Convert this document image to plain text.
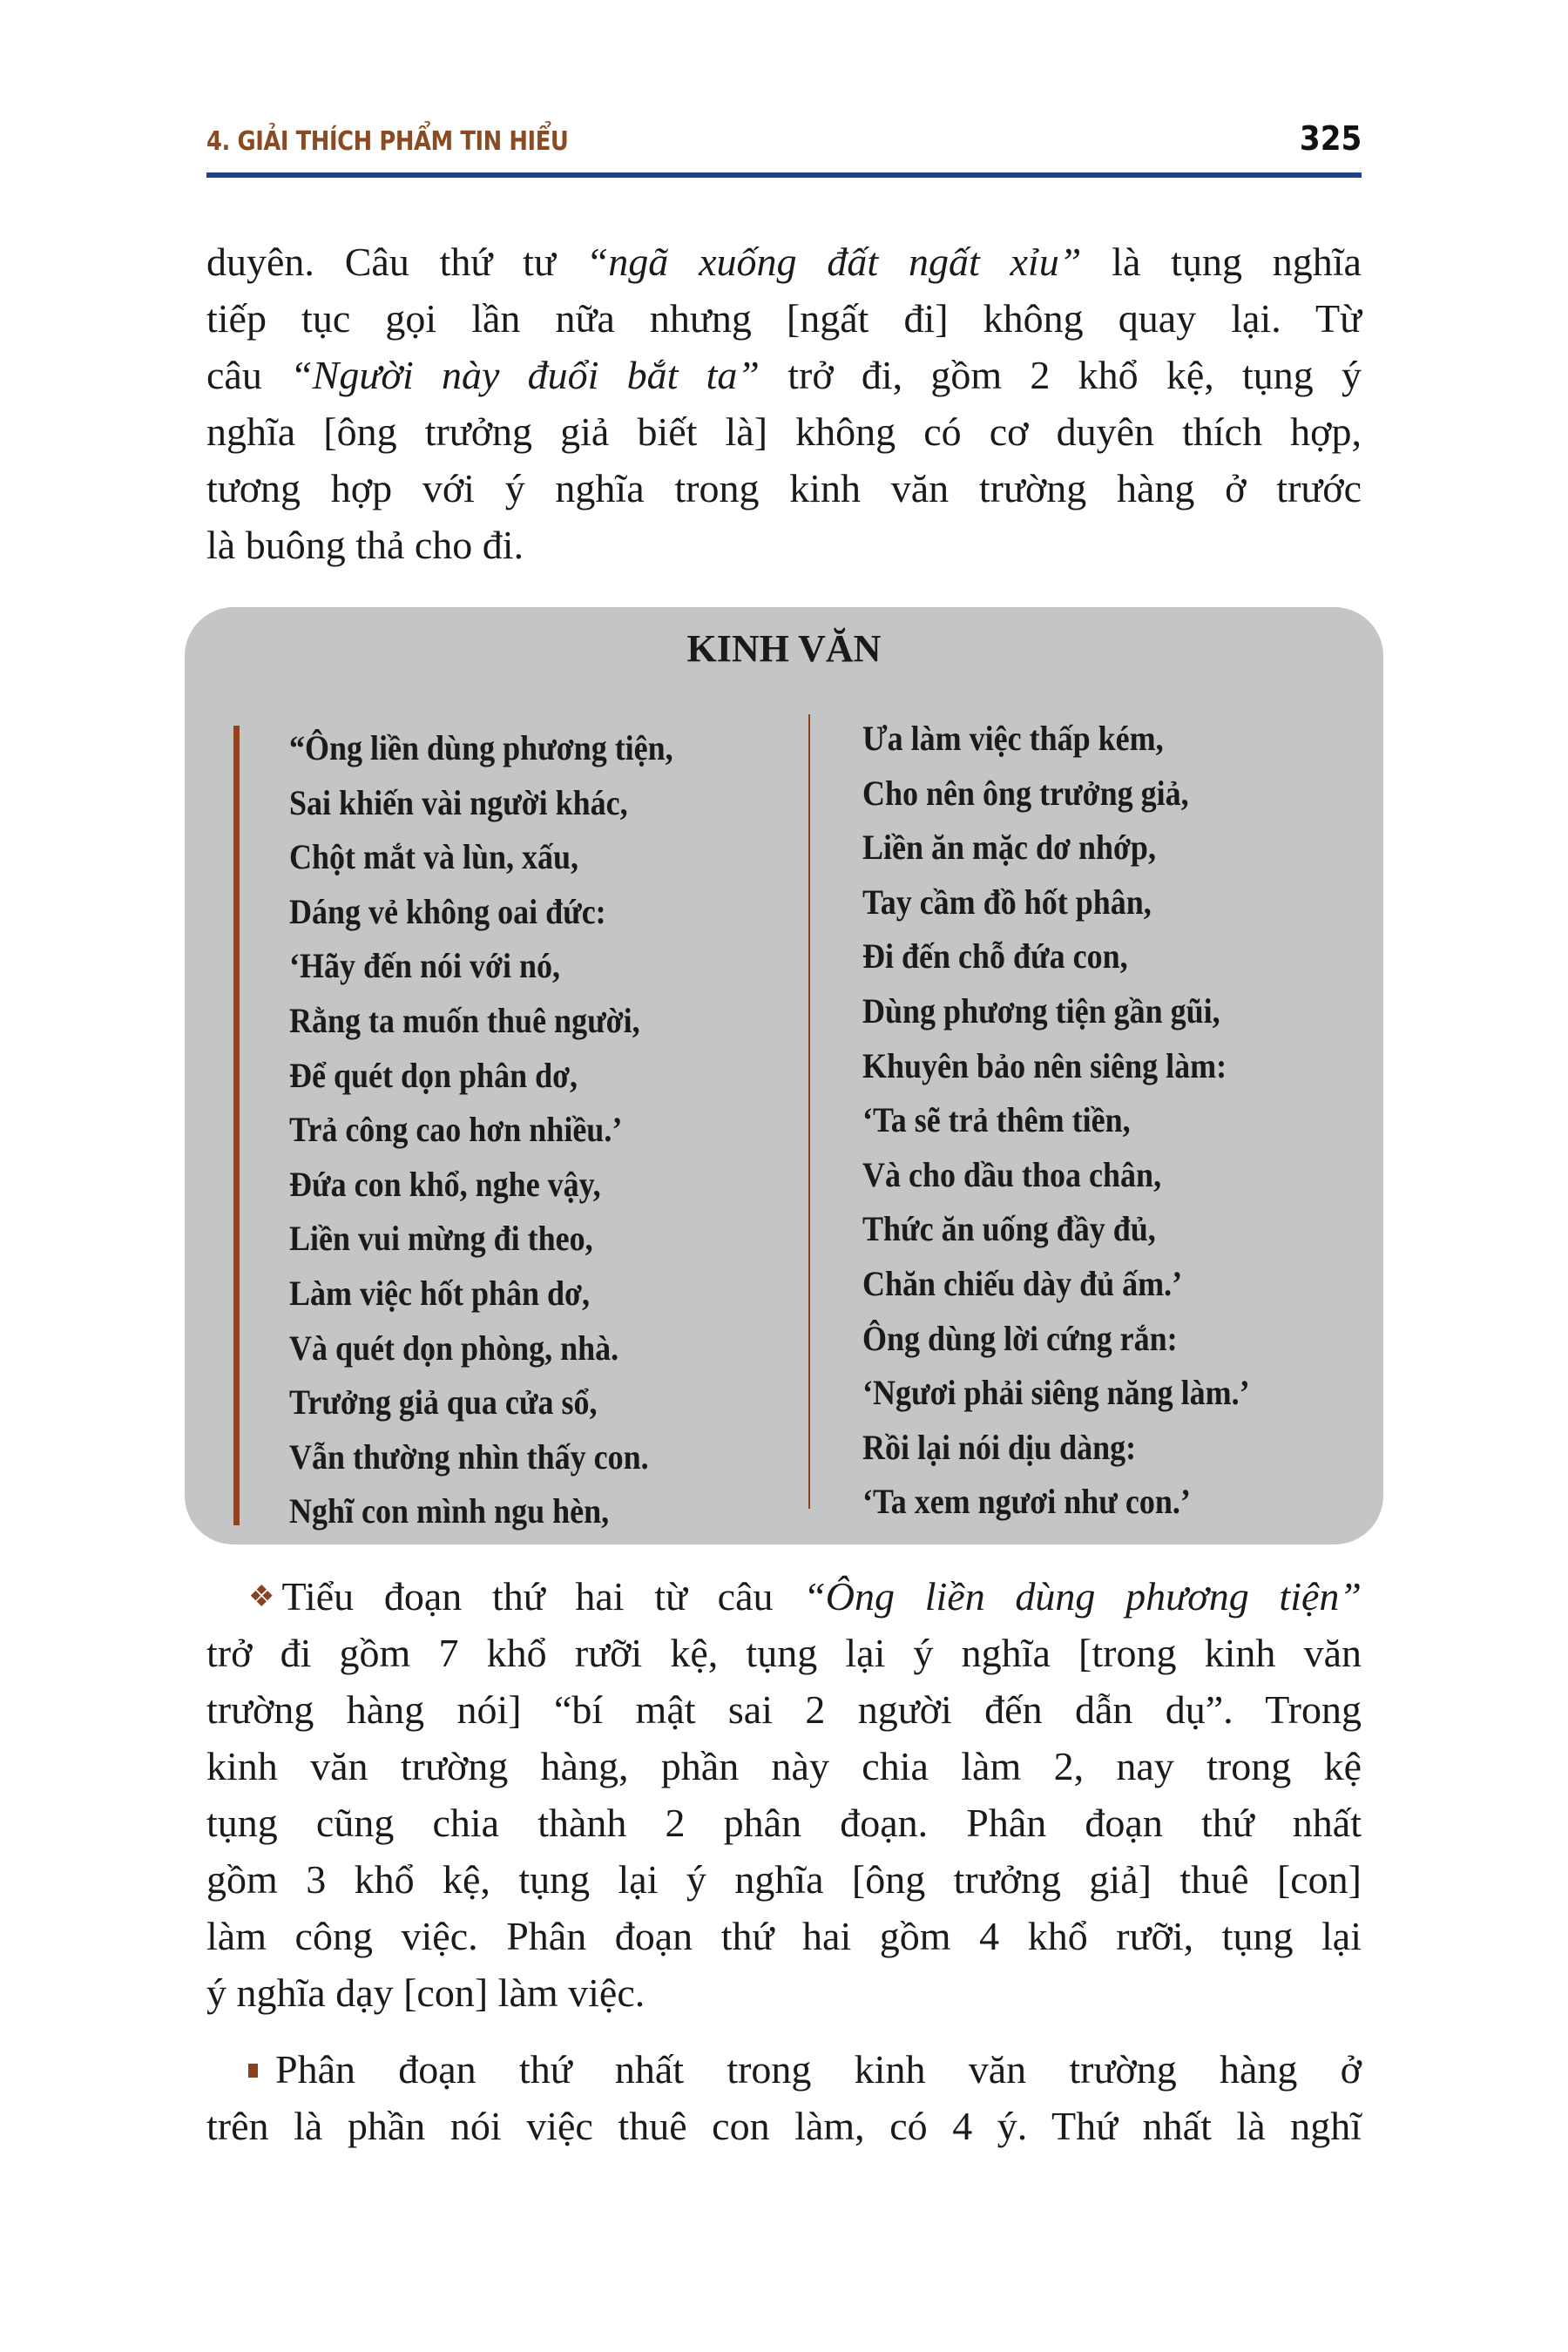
4. GIẢI THÍCH PHẨM TIN HIỂU	325
duyên. Câu thứ tư “ngã xuống đất ngất xỉu” là tụng nghĩa
tiếp tục gọi lần nữa nhưng [ngất đi] không quay lại. Từ
câu “Người này đuổi bắt ta” trở đi, gồm 2 khổ kệ, tụng ý
nghĩa [ông trưởng giả biết là] không có cơ duyên thích hợp,
tương hợp với ý nghĩa trong kinh văn trường hàng ở trước
là buông thả cho đi.
KINH VĂN
“Ông liền dùng phương tiện,
Sai khiến vài người khác,
Chột mắt và lùn, xấu,
Dáng vẻ không oai đức:
‘Hãy đến nói với nó,
Rằng ta muốn thuê người,
Để quét dọn phân dơ,
Trả công cao hơn nhiều.’
Đứa con khổ, nghe vậy,
Liền vui mừng đi theo,
Làm việc hốt phân dơ,
Và quét dọn phòng, nhà.
Trưởng giả qua cửa sổ,
Vẫn thường nhìn thấy con.
Nghĩ con mình ngu hèn,
Ưa làm việc thấp kém,
Cho nên ông trưởng giả,
Liền ăn mặc dơ nhớp,
Tay cầm đồ hốt phân,
Đi đến chỗ đứa con,
Dùng phương tiện gần gũi,
Khuyên bảo nên siêng làm:
‘Ta sẽ trả thêm tiền,
Và cho dầu thoa chân,
Thức ăn uống đầy đủ,
Chăn chiếu dày đủ ấm.’
Ông dùng lời cứng rắn:
‘Ngươi phải siêng năng làm.’
Rồi lại nói dịu dàng:
‘Ta xem ngươi như con.’
❖ Tiểu đoạn thứ hai từ câu “Ông liền dùng phương tiện”
trở đi gồm 7 khổ rưỡi kệ, tụng lại ý nghĩa [trong kinh văn
trường hàng nói] “bí mật sai 2 người đến dẫn dụ”. Trong
kinh văn trường hàng, phần này chia làm 2, nay trong kệ
tụng cũng chia thành 2 phân đoạn. Phân đoạn thứ nhất
gồm 3 khổ kệ, tụng lại ý nghĩa [ông trưởng giả] thuê [con]
làm công việc. Phân đoạn thứ hai gồm 4 khổ rưỡi, tụng lại
ý nghĩa dạy [con] làm việc.
Phân đoạn thứ nhất trong kinh văn trường hàng ở
trên là phần nói việc thuê con làm, có 4 ý. Thứ nhất là nghĩ
